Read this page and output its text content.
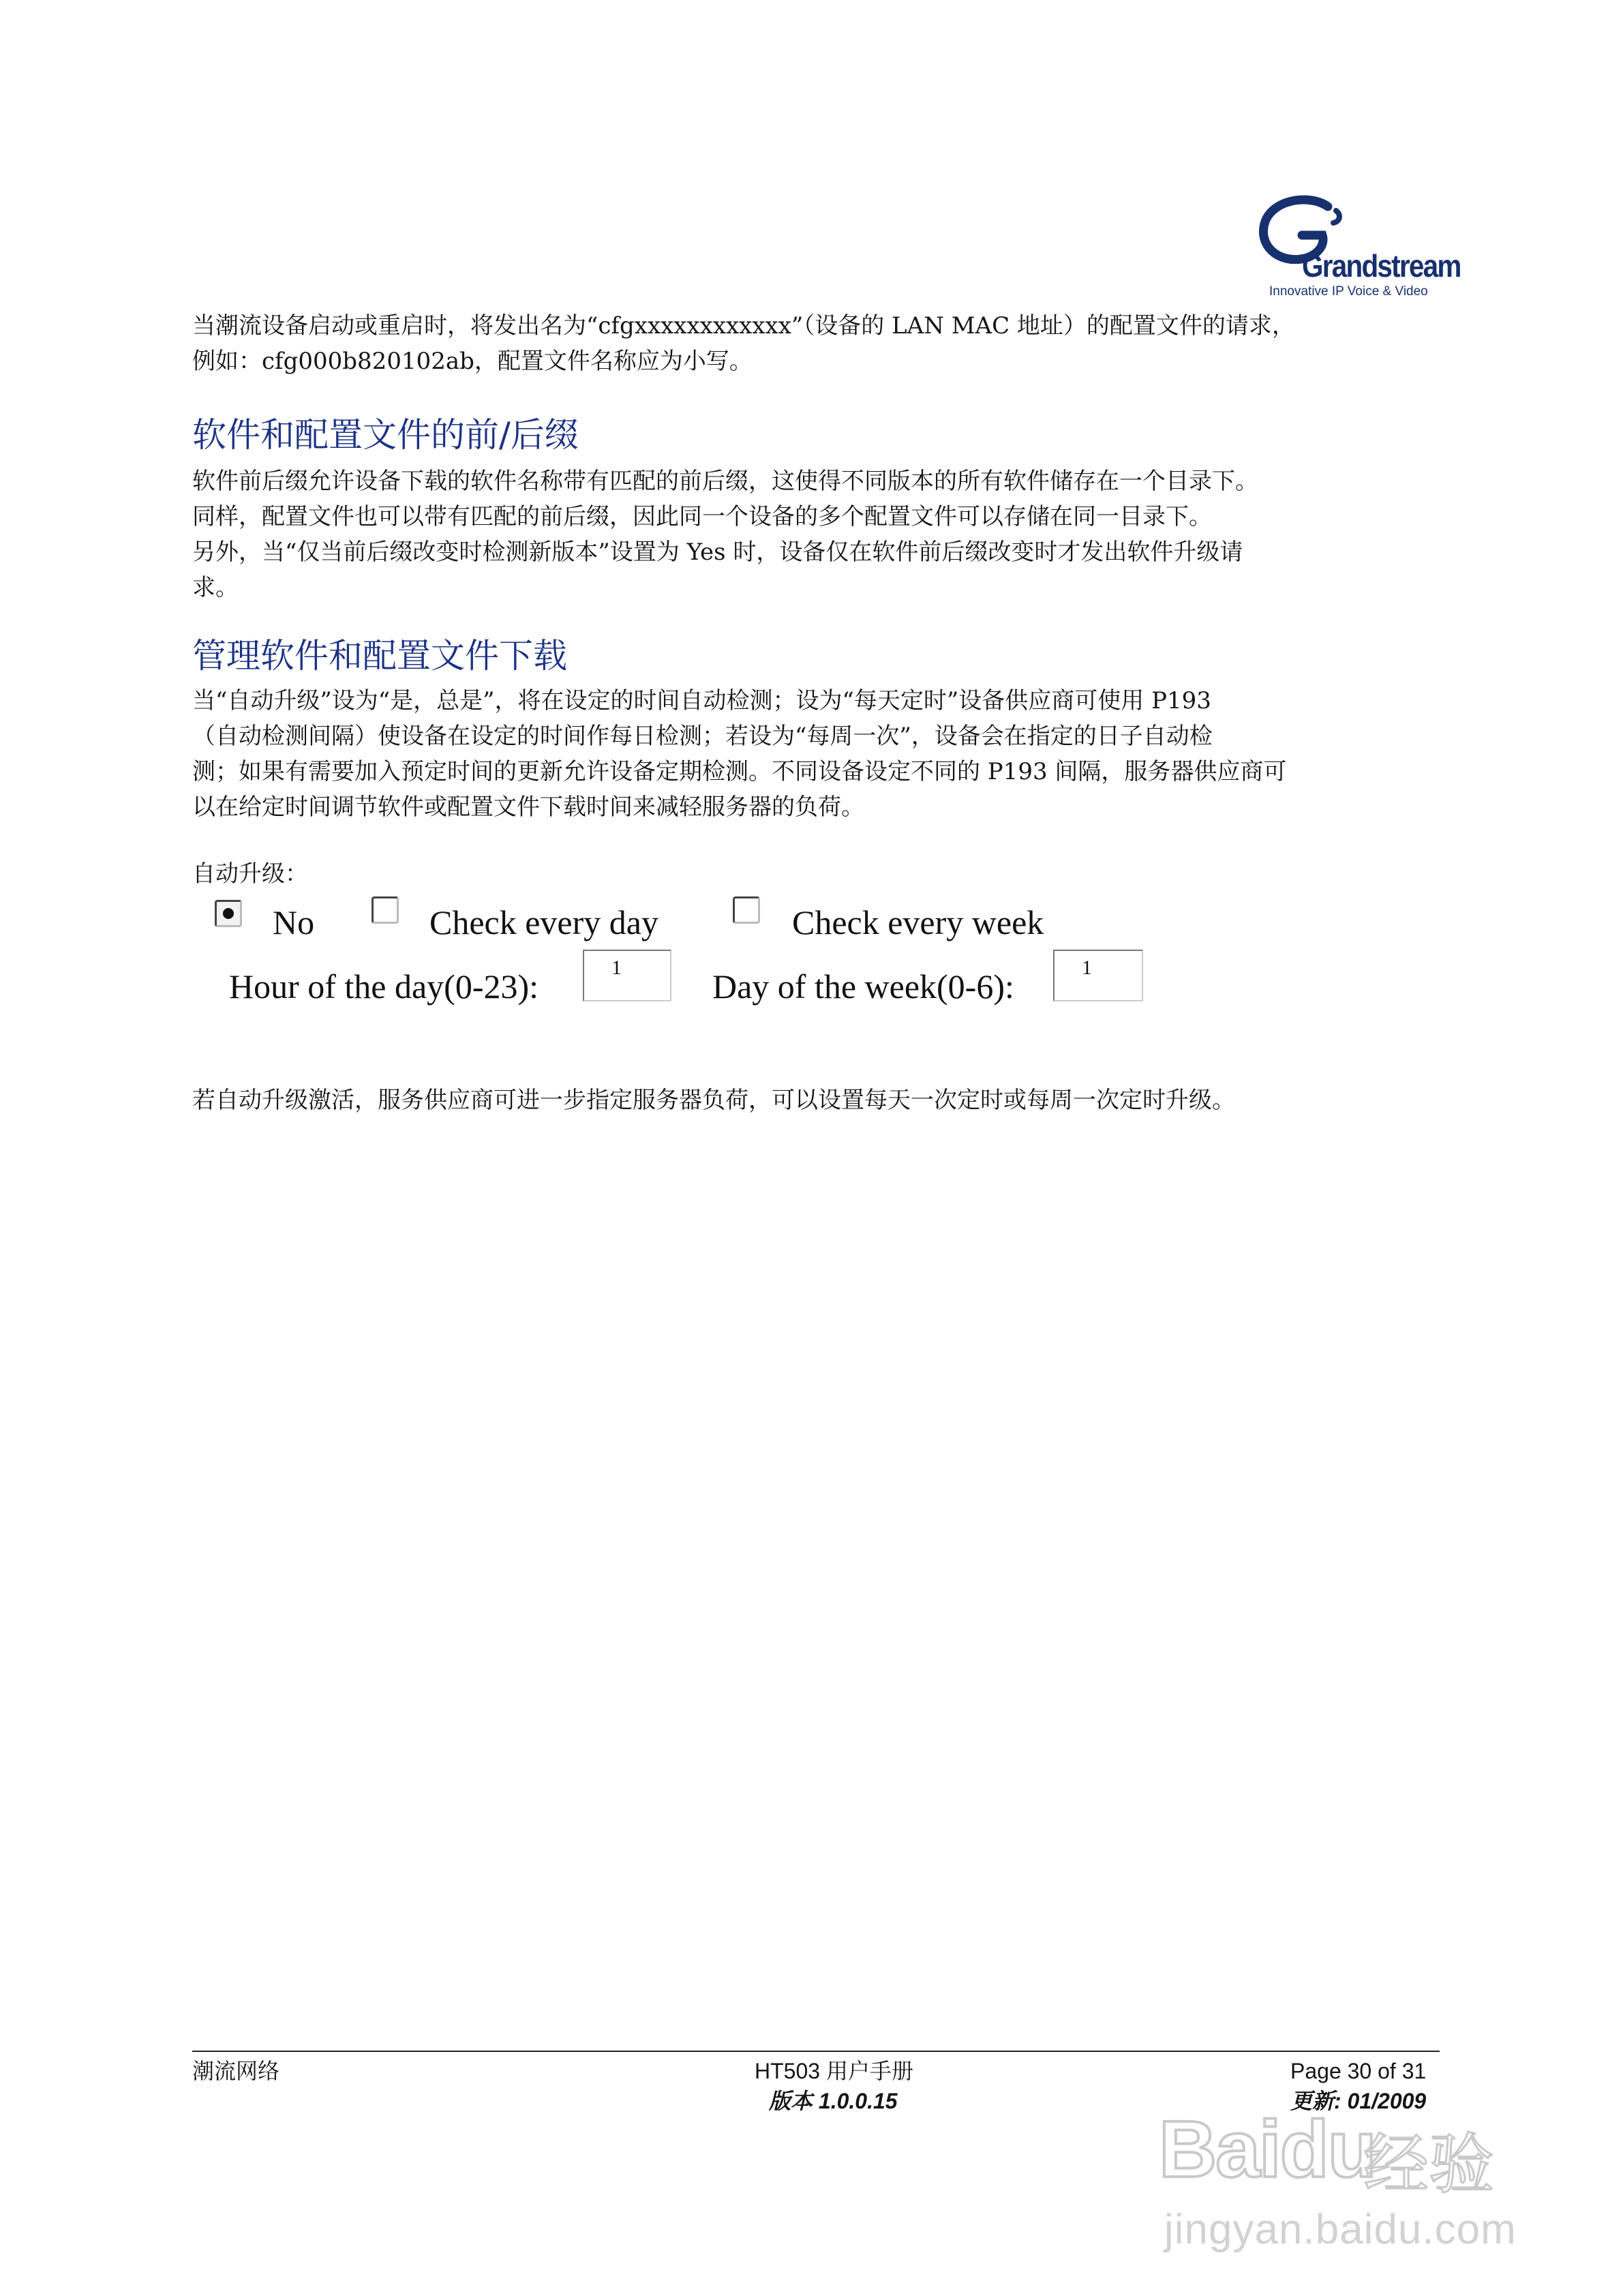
Grandstream
Innovative IP Voice & Video

当潮流设备启动或重启时，将发出名为“cfgxxxxxxxxxxxx”（设备的 LAN MAC 地址）的配置文件的请求，
例如：cfg000b820102ab，配置文件名称应为小写。

软件和配置文件的前/后缀

软件前后缀允许设备下载的软件名称带有匹配的前后缀，这使得不同版本的所有软件储存在一个目录下。
同样，配置文件也可以带有匹配的前后缀，因此同一个设备的多个配置文件可以存储在同一目录下。
另外，当“仅当前后缀改变时检测新版本”设置为 Yes 时，设备仅在软件前后缀改变时才发出软件升级请
求。

管理软件和配置文件下载

当“自动升级”设为“是，总是”，将在设定的时间自动检测；设为“每天定时”设备供应商可使用 P193
（自动检测间隔）使设备在设定的时间作每日检测；若设为“每周一次”，设备会在指定的日子自动检
测；如果有需要加入预定时间的更新允许设备定期检测。不同设备设定不同的 P193 间隔，服务器供应商可
以在给定时间调节软件或配置文件下载时间来减轻服务器的负荷。

自动升级：

No	Check every day	Check every week
Hour of the day(0-23):	1	Day of the week(0-6):	1

若自动升级激活，服务供应商可进一步指定服务器负荷，可以设置每天一次定时或每周一次定时升级。

潮流网络	HT503 用户手册
版本 1.0.0.15
Page 30 of 31
更新: 01/2009
Baidu
经验
jingyan.baidu.com
